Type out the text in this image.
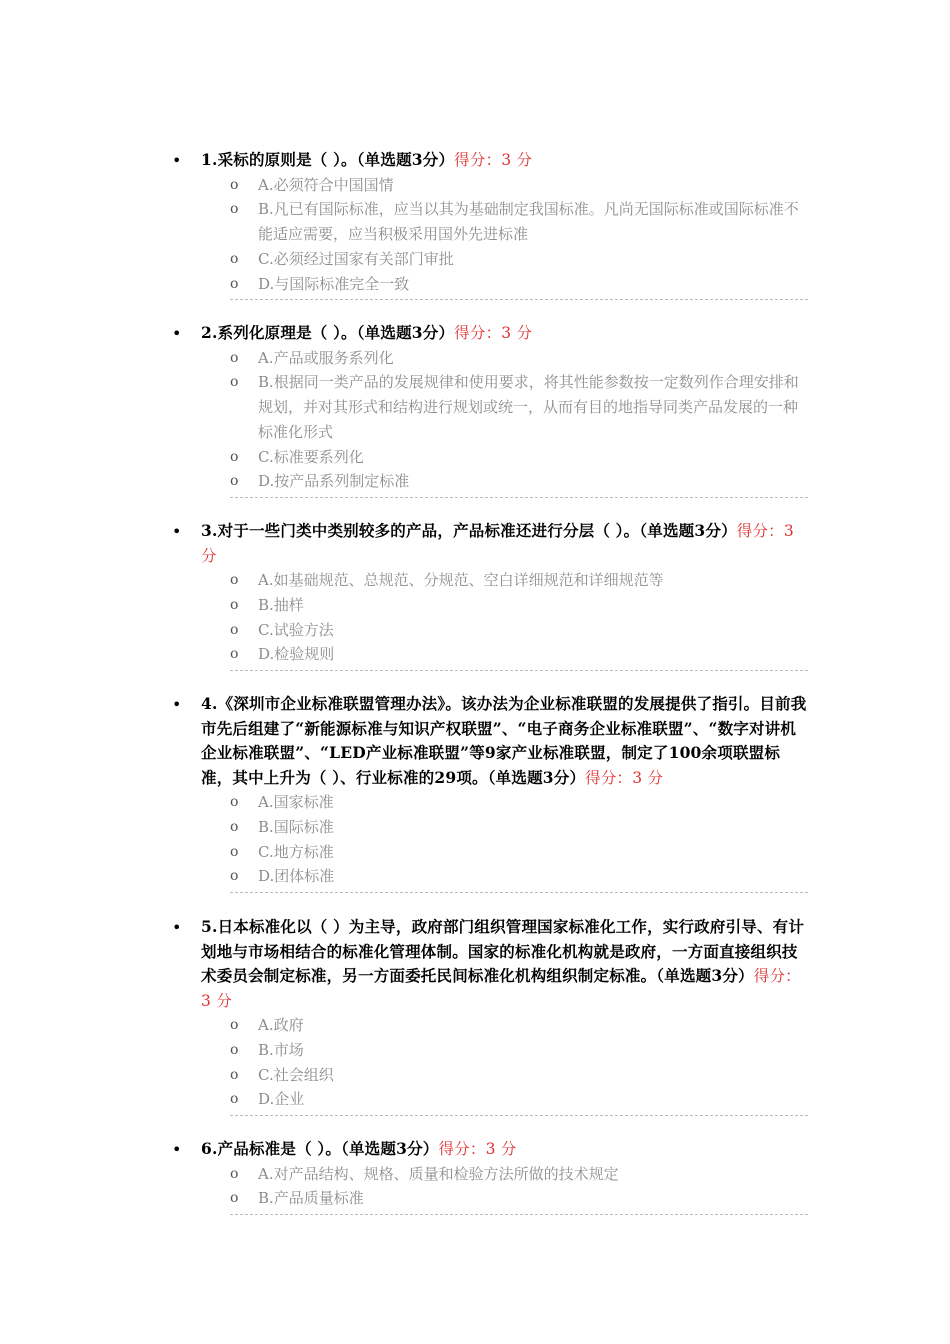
•	1.采标的原则是（ ）。（单选题3分）得分：3 分
o	A.必须符合中国国情
o	B.凡已有国际标准，应当以其为基础制定我国标准。凡尚无国际标准或国际标准不能适应需要，应当积极采用国外先进标准
o	C.必须经过国家有关部门审批
o	D.与国际标准完全一致
•	2.系列化原理是（ ）。（单选题3分）得分：3 分
o	A.产品或服务系列化
o	B.根据同一类产品的发展规律和使用要求，将其性能参数按一定数列作合理安排和规划，并对其形式和结构进行规划或统一，从而有目的地指导同类产品发展的一种标准化形式
o	C.标准要系列化
o	D.按产品系列制定标准
•	3.对于一些门类中类别较多的产品，产品标准还进行分层（ ）。（单选题3分）得分：3 分
o	A.如基础规范、总规范、分规范、空白详细规范和详细规范等
o	B.抽样
o	C.试验方法
o	D.检验规则
•	4.《深圳市企业标准联盟管理办法》。该办法为企业标准联盟的发展提供了指引。目前我市先后组建了“新能源标准与知识产权联盟”、“电子商务企业标准联盟”、“数字对讲机企业标准联盟”、“LED产业标准联盟”等9家产业标准联盟，制定了100余项联盟标准，其中上升为（ ）、行业标准的29项。（单选题3分）得分：3 分
o	A.国家标准
o	B.国际标准
o	C.地方标准
o	D.团体标准
•	5.日本标准化以（ ）为主导，政府部门组织管理国家标准化工作，实行政府引导、有计划地与市场相结合的标准化管理体制。国家的标准化机构就是政府，一方面直接组织技术委员会制定标准，另一方面委托民间标准化机构组织制定标准。（单选题3分）得分：3 分
o	A.政府
o	B.市场
o	C.社会组织
o	D.企业
•	6.产品标准是（ ）。（单选题3分）得分：3 分
o	A.对产品结构、规格、质量和检验方法所做的技术规定
o	B.产品质量标准
